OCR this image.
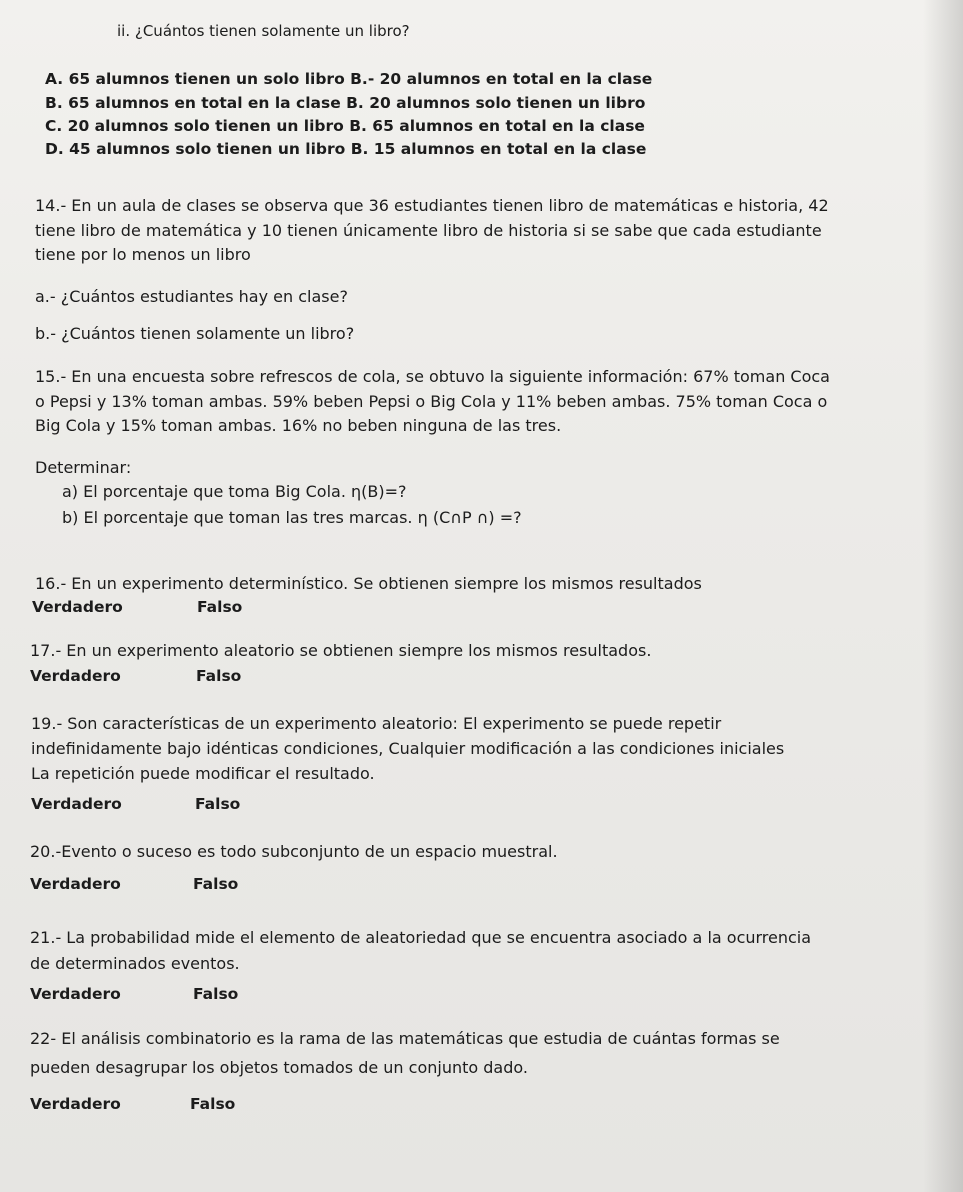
ii. ¿Cuántos tienen solamente un libro?
A. 65 alumnos tienen un solo libro B.- 20 alumnos en total en la clase
B. 65 alumnos en total en la clase B. 20 alumnos solo tienen un libro
C. 20 alumnos solo tienen un libro B. 65 alumnos en total en la clase
D. 45 alumnos solo tienen un libro B. 15 alumnos en total en la clase
14.- En un aula de clases se observa que 36 estudiantes tienen libro de matemáticas e historia, 42
tiene libro de matemática y 10 tienen únicamente libro de historia si se sabe que cada estudiante
tiene por lo menos un libro
a.- ¿Cuántos estudiantes hay en clase?
b.- ¿Cuántos tienen solamente un libro?
15.- En una encuesta sobre refrescos de cola, se obtuvo la siguiente información: 67% toman Coca
o Pepsi y 13% toman ambas. 59% beben Pepsi o Big Cola y 11% beben ambas. 75% toman Coca o
Big Cola y 15% toman ambas. 16% no beben ninguna de las tres.
Determinar:
a) El porcentaje que toma Big Cola. η(B)=?
b) El porcentaje que toman las tres marcas. η (C∩P ∩) =?
16.- En un experimento determinístico. Se obtienen siempre los mismos resultados
Verdadero	Falso
17.- En un experimento aleatorio se obtienen siempre los mismos resultados.
Verdadero	Falso
19.- Son características de un experimento aleatorio: El experimento se puede repetir
indefinidamente bajo idénticas condiciones, Cualquier modificación a las condiciones iniciales
La repetición puede modificar el resultado.
Verdadero	Falso
20.-Evento o suceso es todo subconjunto de un espacio muestral.
Verdadero	Falso
21.- La probabilidad mide el elemento de aleatoriedad que se encuentra asociado a la ocurrencia
de determinados eventos.
Verdadero	Falso
22- El análisis combinatorio es la rama de las matemáticas que estudia de cuántas formas se
pueden desagrupar los objetos tomados de un conjunto dado.
Verdadero	Falso
